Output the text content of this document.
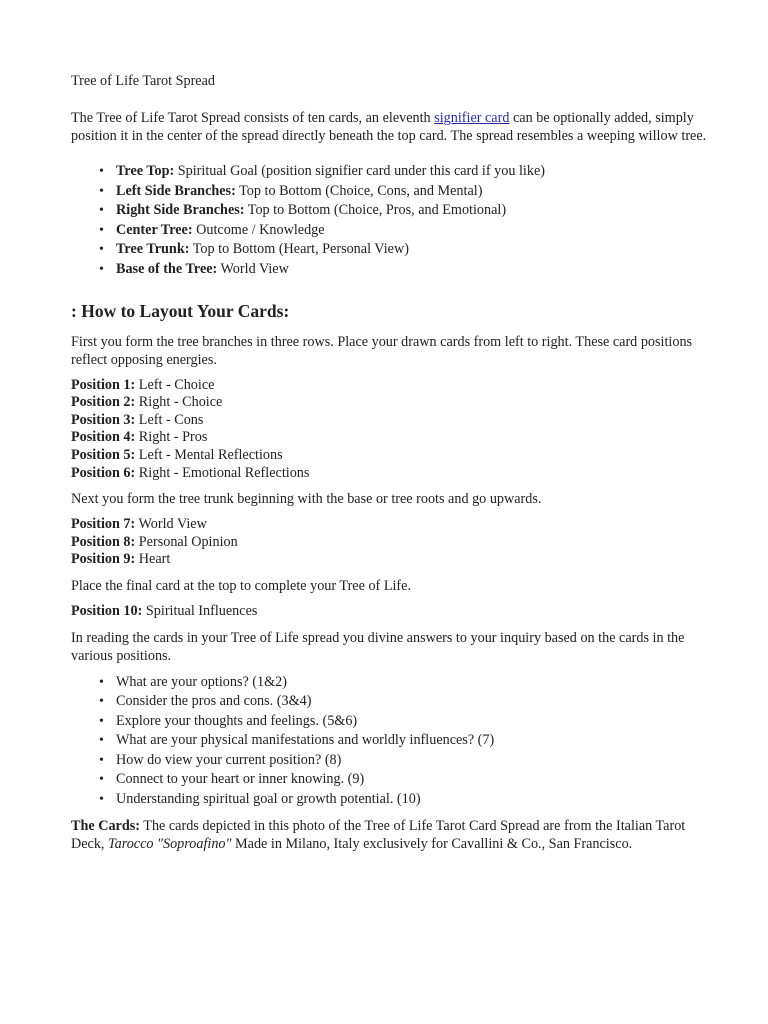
Tree of Life Tarot Spread

The Tree of Life Tarot Spread consists of ten cards, an eleventh signifier card can be optionally added, simply position it in the center of the spread directly beneath the top card. The spread resembles a weeping willow tree.

• Tree Top: Spiritual Goal (position signifier card under this card if you like)
• Left Side Branches: Top to Bottom (Choice, Cons, and Mental)
• Right Side Branches: Top to Bottom (Choice, Pros, and Emotional)
• Center Tree: Outcome / Knowledge
• Tree Trunk: Top to Bottom (Heart, Personal View)
• Base of the Tree: World View
: How to Layout Your Cards:

First you form the tree branches in three rows. Place your drawn cards from left to right. These card positions reflect opposing energies.

Position 1: Left - Choice
Position 2: Right - Choice
Position 3: Left - Cons
Position 4: Right - Pros
Position 5: Left - Mental Reflections
Position 6: Right - Emotional Reflections

Next you form the tree trunk beginning with the base or tree roots and go upwards.

Position 7: World View
Position 8: Personal Opinion
Position 9: Heart

Place the final card at the top to complete your Tree of Life.

Position 10: Spiritual Influences

In reading the cards in your Tree of Life spread you divine answers to your inquiry based on the cards in the various positions.

• What are your options? (1&2)
• Consider the pros and cons. (3&4)
• Explore your thoughts and feelings. (5&6)
• What are your physical manifestations and worldly influences? (7)
• How do view your current position? (8)
• Connect to your heart or inner knowing. (9)
• Understanding spiritual goal or growth potential. (10)

The Cards: The cards depicted in this photo of the Tree of Life Tarot Card Spread are from the Italian Tarot Deck, Tarocco "Soproafino" Made in Milano, Italy exclusively for Cavallini & Co., San Francisco.
